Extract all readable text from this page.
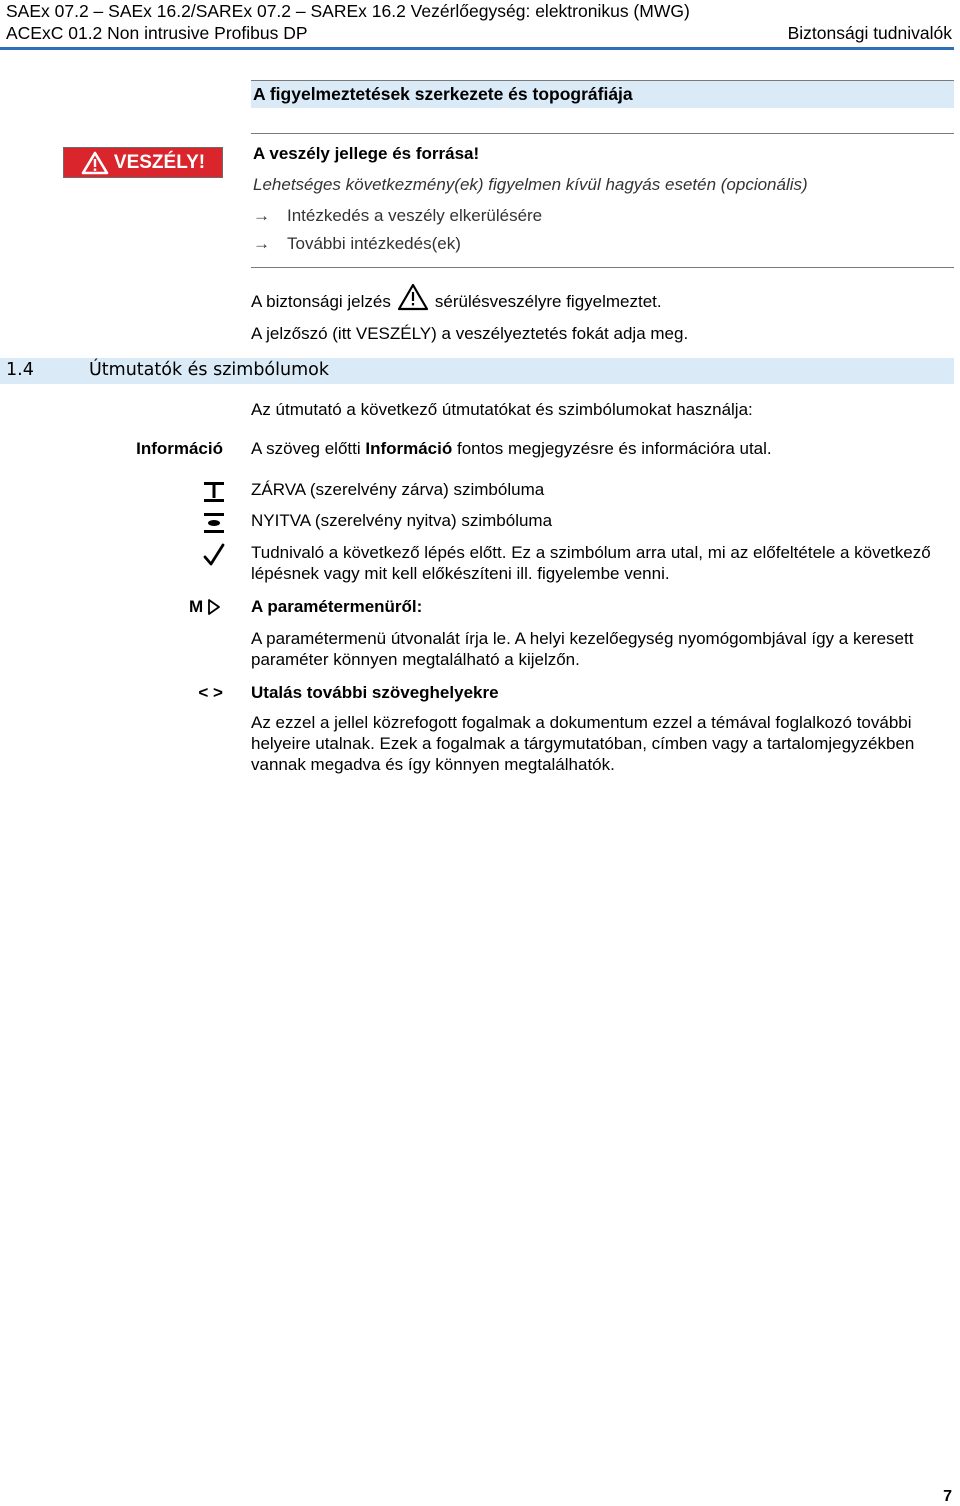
SAEx 07.2 – SAEx 16.2/SAREx 07.2 – SAREx 16.2 Vezérlőegység: elektronikus (MWG)
ACExC 01.2 Non intrusive Profibus DP	Biztonsági tudnivalók
A figyelmeztetések szerkezete és topográfiája
VESZÉLY!	A veszély jellege és forrása!
Lehetséges következmény(ek) figyelmen kívül hagyás esetén (opcionális)
→ Intézkedés a veszély elkerülésére
→ További intézkedés(ek)
A biztonsági jelzés	sérülésveszélyre figyelmeztet.
A jelzőszó (itt VESZÉLY) a veszélyeztetés fokát adja meg.
1.4	Útmutatók és szimbólumok
Az útmutató a következő útmutatókat és szimbólumokat használja:
Információ A szöveg előtti Információ fontos megjegyzésre és információra utal.
ZÁRVA (szerelvény zárva) szimbóluma
NYITVA (szerelvény nyitva) szimbóluma
Tudnivaló a következő lépés előtt. Ez a szimbólum arra utal, mi az előfeltétele a következő lépésnek vagy mit kell előkészíteni ill. figyelembe venni.
M	A paramétermenüről:
A paramétermenü útvonalát írja le. A helyi kezelőegység nyomógombjával így a keresett paraméter könnyen megtalálható a kijelzőn.
< > Utalás további szöveghelyekre
Az ezzel a jellel közrefogott fogalmak a dokumentum ezzel a témával foglalkozó további helyeire utalnak. Ezek a fogalmak a tárgymutatóban, címben vagy a tartalomjegyzékben vannak megadva és így könnyen megtalálhatók.
7
